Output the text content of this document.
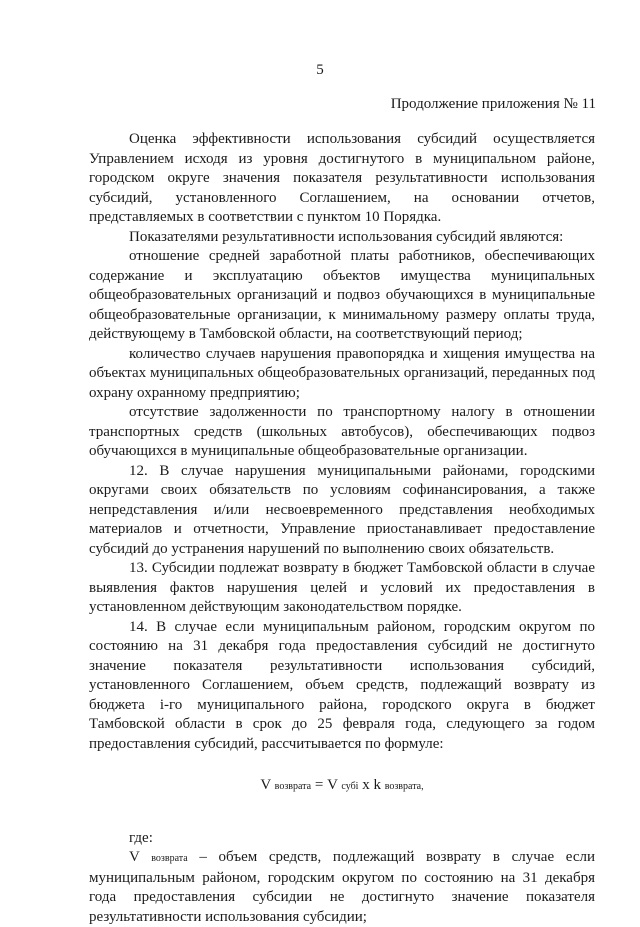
5
Продолжение приложения № 11

Оценка эффективности использования субсидий осуществляется Управлением исходя из уровня достигнутого в муниципальном районе, городском округе значения показателя результативности использования субсидий, установленного Соглашением, на основании отчетов, представляемых в соответствии с пунктом 10 Порядка.

Показателями результативности использования субсидий являются:

отношение средней заработной платы работников, обеспечивающих содержание и эксплуатацию объектов имущества муниципальных общеобразовательных организаций и подвоз обучающихся в муниципальные общеобразовательные организации, к минимальному размеру оплаты труда, действующему в Тамбовской области, на соответствующий период;

количество случаев нарушения правопорядка и хищения имущества на объектах муниципальных общеобразовательных организаций, переданных под охрану охранному предприятию;

отсутствие задолженности по транспортному налогу в отношении транспортных средств (школьных автобусов), обеспечивающих подвоз обучающихся в муниципальные общеобразовательные организации.

12. В случае нарушения муниципальными районами, городскими округами своих обязательств по условиям софинансирования, а также непредставления и/или несвоевременного представления необходимых материалов и отчетности, Управление приостанавливает предоставление субсидий до устранения нарушений по выполнению своих обязательств.

13. Субсидии подлежат возврату в бюджет Тамбовской области в случае выявления фактов нарушения целей и условий их предоставления в установленном действующим законодательством порядке.

14. В случае если муниципальным районом, городским округом по состоянию на 31 декабря года предоставления субсидий не достигнуто значение показателя результативности использования субсидий, установленного Соглашением, объем средств, подлежащий возврату из бюджета i-го муниципального района, городского округа в бюджет Тамбовской области в срок до 25 февраля года, следующего за годом предоставления субсидий, рассчитывается по формуле:

V возврата = V субi x k возврата,

где:

V возврата – объем средств, подлежащий возврату в случае если муниципальным районом, городским округом по состоянию на 31 декабря года предоставления субсидии не достигнуто значение показателя результативности использования субсидии;
